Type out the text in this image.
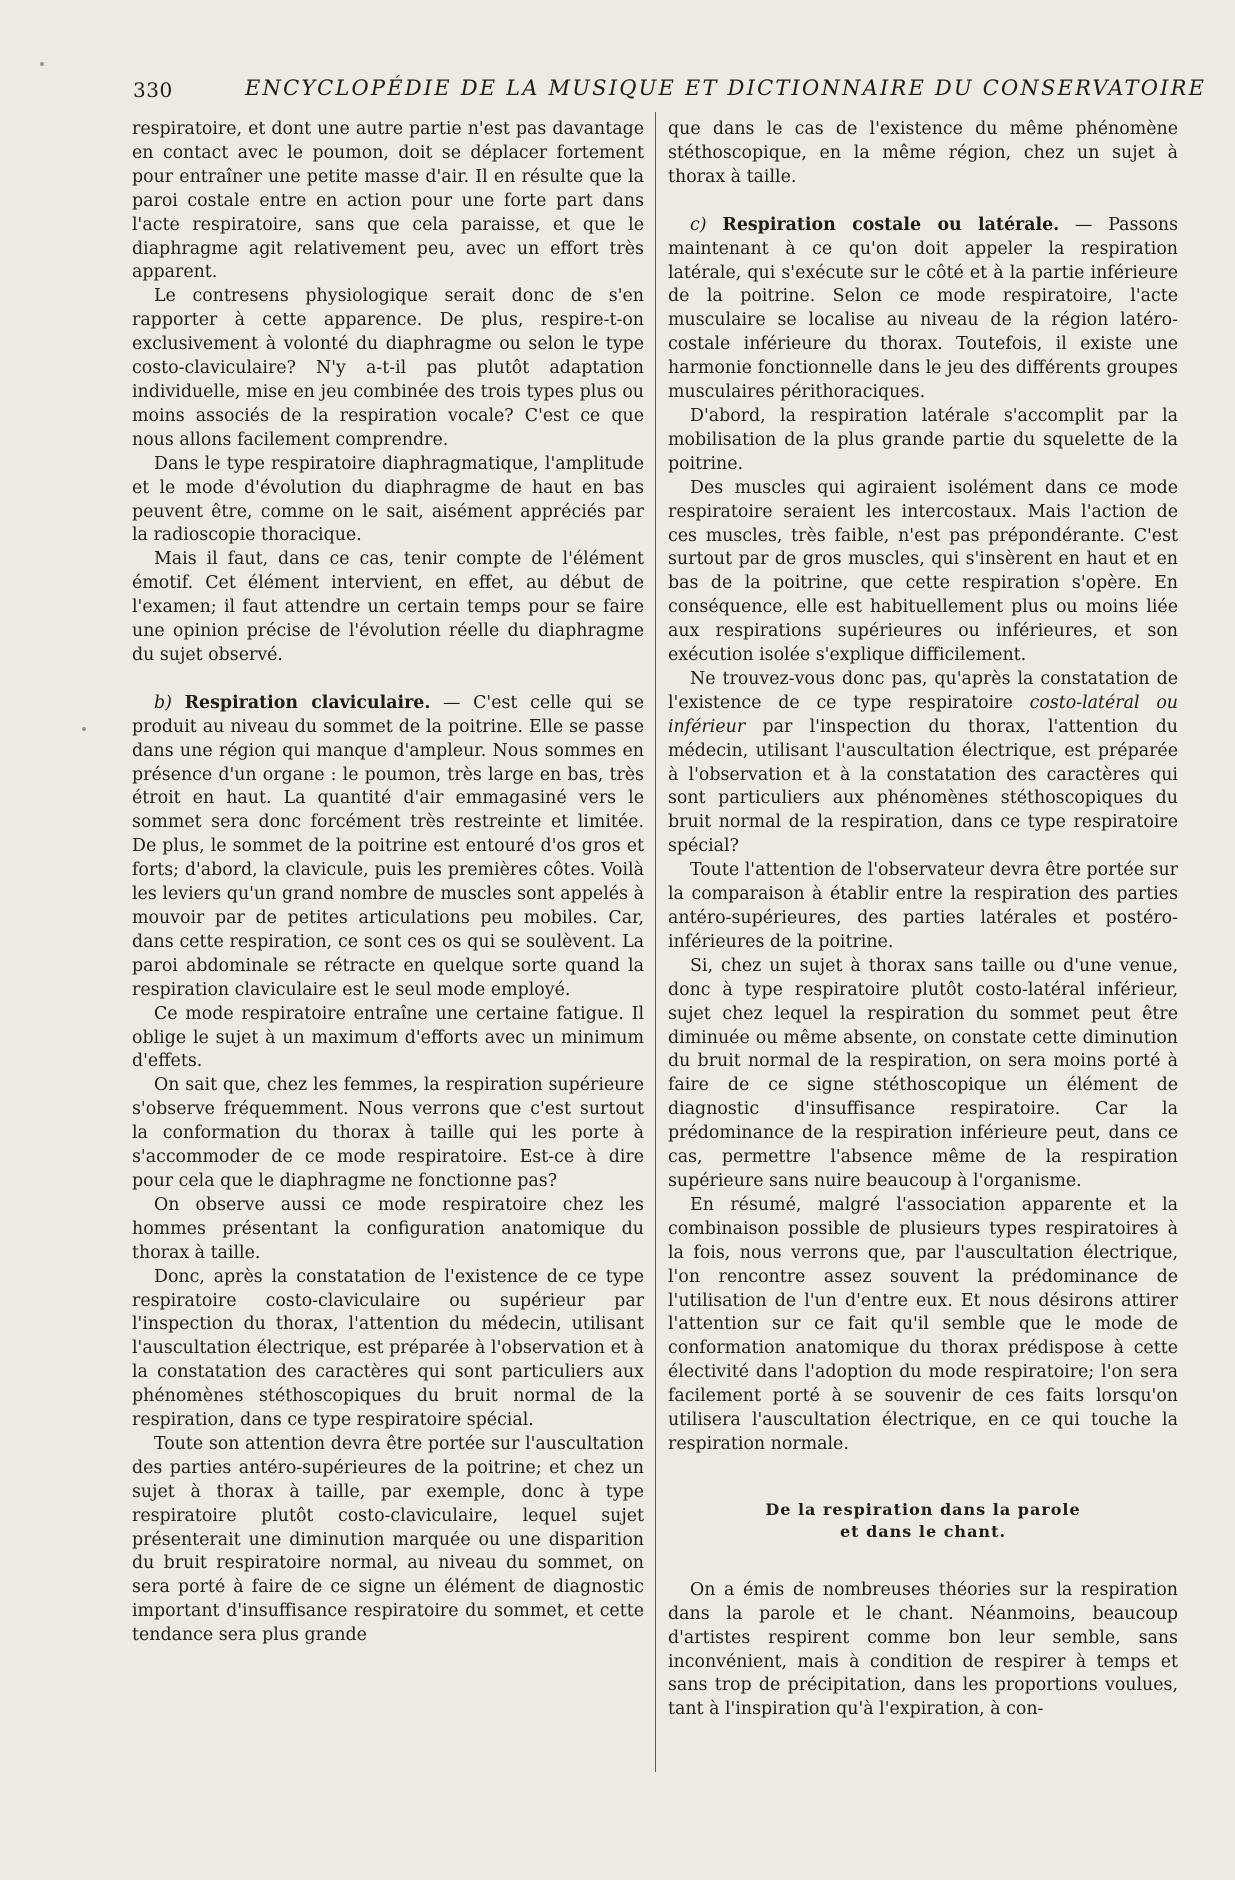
330	ENCYCLOPÉDIE DE LA MUSIQUE ET DICTIONNAIRE DU CONSERVATOIRE

respiratoire, et dont une autre partie n'est pas davantage en contact avec le poumon, doit se déplacer fortement pour entraîner une petite masse d'air. Il en résulte que la paroi costale entre en action pour une forte part dans l'acte respiratoire, sans que cela paraisse, et que le diaphragme agit relativement peu, avec un effort très apparent.

Le contresens physiologique serait donc de s'en rapporter à cette apparence. De plus, respire-t-on exclusivement à volonté du diaphragme ou selon le type costo-claviculaire? N'y a-t-il pas plutôt adaptation individuelle, mise en jeu combinée des trois types plus ou moins associés de la respiration vocale? C'est ce que nous allons facilement comprendre.

Dans le type respiratoire diaphragmatique, l'amplitude et le mode d'évolution du diaphragme de haut en bas peuvent être, comme on le sait, aisément appréciés par la radioscopie thoracique.

Mais il faut, dans ce cas, tenir compte de l'élément émotif. Cet élément intervient, en effet, au début de l'examen; il faut attendre un certain temps pour se faire une opinion précise de l'évolution réelle du diaphragme du sujet observé.

b) Respiration claviculaire. — C'est celle qui se produit au niveau du sommet de la poitrine. Elle se passe dans une région qui manque d'ampleur. Nous sommes en présence d'un organe : le poumon, très large en bas, très étroit en haut. La quantité d'air emmagasiné vers le sommet sera donc forcément très restreinte et limitée. De plus, le sommet de la poitrine est entouré d'os gros et forts; d'abord, la clavicule, puis les premières côtes. Voilà les leviers qu'un grand nombre de muscles sont appelés à mouvoir par de petites articulations peu mobiles. Car, dans cette respiration, ce sont ces os qui se soulèvent. La paroi abdominale se rétracte en quelque sorte quand la respiration claviculaire est le seul mode employé.

Ce mode respiratoire entraîne une certaine fatigue. Il oblige le sujet à un maximum d'efforts avec un minimum d'effets.

On sait que, chez les femmes, la respiration supérieure s'observe fréquemment. Nous verrons que c'est surtout la conformation du thorax à taille qui les porte à s'accommoder de ce mode respiratoire. Est-ce à dire pour cela que le diaphragme ne fonctionne pas?

On observe aussi ce mode respiratoire chez les hommes présentant la configuration anatomique du thorax à taille.

Donc, après la constatation de l'existence de ce type respiratoire costo-claviculaire ou supérieur par l'inspection du thorax, l'attention du médecin, utilisant l'auscultation électrique, est préparée à l'observation et à la constatation des caractères qui sont particuliers aux phénomènes stéthoscopiques du bruit normal de la respiration, dans ce type respiratoire spécial.

Toute son attention devra être portée sur l'auscultation des parties antéro-supérieures de la poitrine; et chez un sujet à thorax à taille, par exemple, donc à type respiratoire plutôt costo-claviculaire, lequel sujet présenterait une diminution marquée ou une disparition du bruit respiratoire normal, au niveau du sommet, on sera porté à faire de ce signe un élément de diagnostic important d'insuffisance respiratoire du sommet, et cette tendance sera plus grande

que dans le cas de l'existence du même phénomène stéthoscopique, en la même région, chez un sujet à thorax à taille.

c) Respiration costale ou latérale. — Passons maintenant à ce qu'on doit appeler la respiration latérale, qui s'exécute sur le côté et à la partie inférieure de la poitrine. Selon ce mode respiratoire, l'acte musculaire se localise au niveau de la région latéro-costale inférieure du thorax. Toutefois, il existe une harmonie fonctionnelle dans le jeu des différents groupes musculaires périthoraciques.

D'abord, la respiration latérale s'accomplit par la mobilisation de la plus grande partie du squelette de la poitrine.

Des muscles qui agiraient isolément dans ce mode respiratoire seraient les intercostaux. Mais l'action de ces muscles, très faible, n'est pas prépondérante. C'est surtout par de gros muscles, qui s'insèrent en haut et en bas de la poitrine, que cette respiration s'opère. En conséquence, elle est habituellement plus ou moins liée aux respirations supérieures ou inférieures, et son exécution isolée s'explique difficilement.

Ne trouvez-vous donc pas, qu'après la constatation de l'existence de ce type respiratoire costo-latéral ou inférieur par l'inspection du thorax, l'attention du médecin, utilisant l'auscultation électrique, est préparée à l'observation et à la constatation des caractères qui sont particuliers aux phénomènes stéthoscopiques du bruit normal de la respiration, dans ce type respiratoire spécial?

Toute l'attention de l'observateur devra être portée sur la comparaison à établir entre la respiration des parties antéro-supérieures, des parties latérales et postéro-inférieures de la poitrine.

Si, chez un sujet à thorax sans taille ou d'une venue, donc à type respiratoire plutôt costo-latéral inférieur, sujet chez lequel la respiration du sommet peut être diminuée ou même absente, on constate cette diminution du bruit normal de la respiration, on sera moins porté à faire de ce signe stéthoscopique un élément de diagnostic d'insuffisance respiratoire. Car la prédominance de la respiration inférieure peut, dans ce cas, permettre l'absence même de la respiration supérieure sans nuire beaucoup à l'organisme.

En résumé, malgré l'association apparente et la combinaison possible de plusieurs types respiratoires à la fois, nous verrons que, par l'auscultation électrique, l'on rencontre assez souvent la prédominance de l'utilisation de l'un d'entre eux. Et nous désirons attirer l'attention sur ce fait qu'il semble que le mode de conformation anatomique du thorax prédispose à cette électivité dans l'adoption du mode respiratoire; l'on sera facilement porté à se souvenir de ces faits lorsqu'on utilisera l'auscultation électrique, en ce qui touche la respiration normale.

De la respiration dans la parole
et dans le chant.

On a émis de nombreuses théories sur la respiration dans la parole et le chant. Néanmoins, beaucoup d'artistes respirent comme bon leur semble, sans inconvénient, mais à condition de respirer à temps et sans trop de précipitation, dans les proportions voulues, tant à l'inspiration qu'à l'expiration, à con-
